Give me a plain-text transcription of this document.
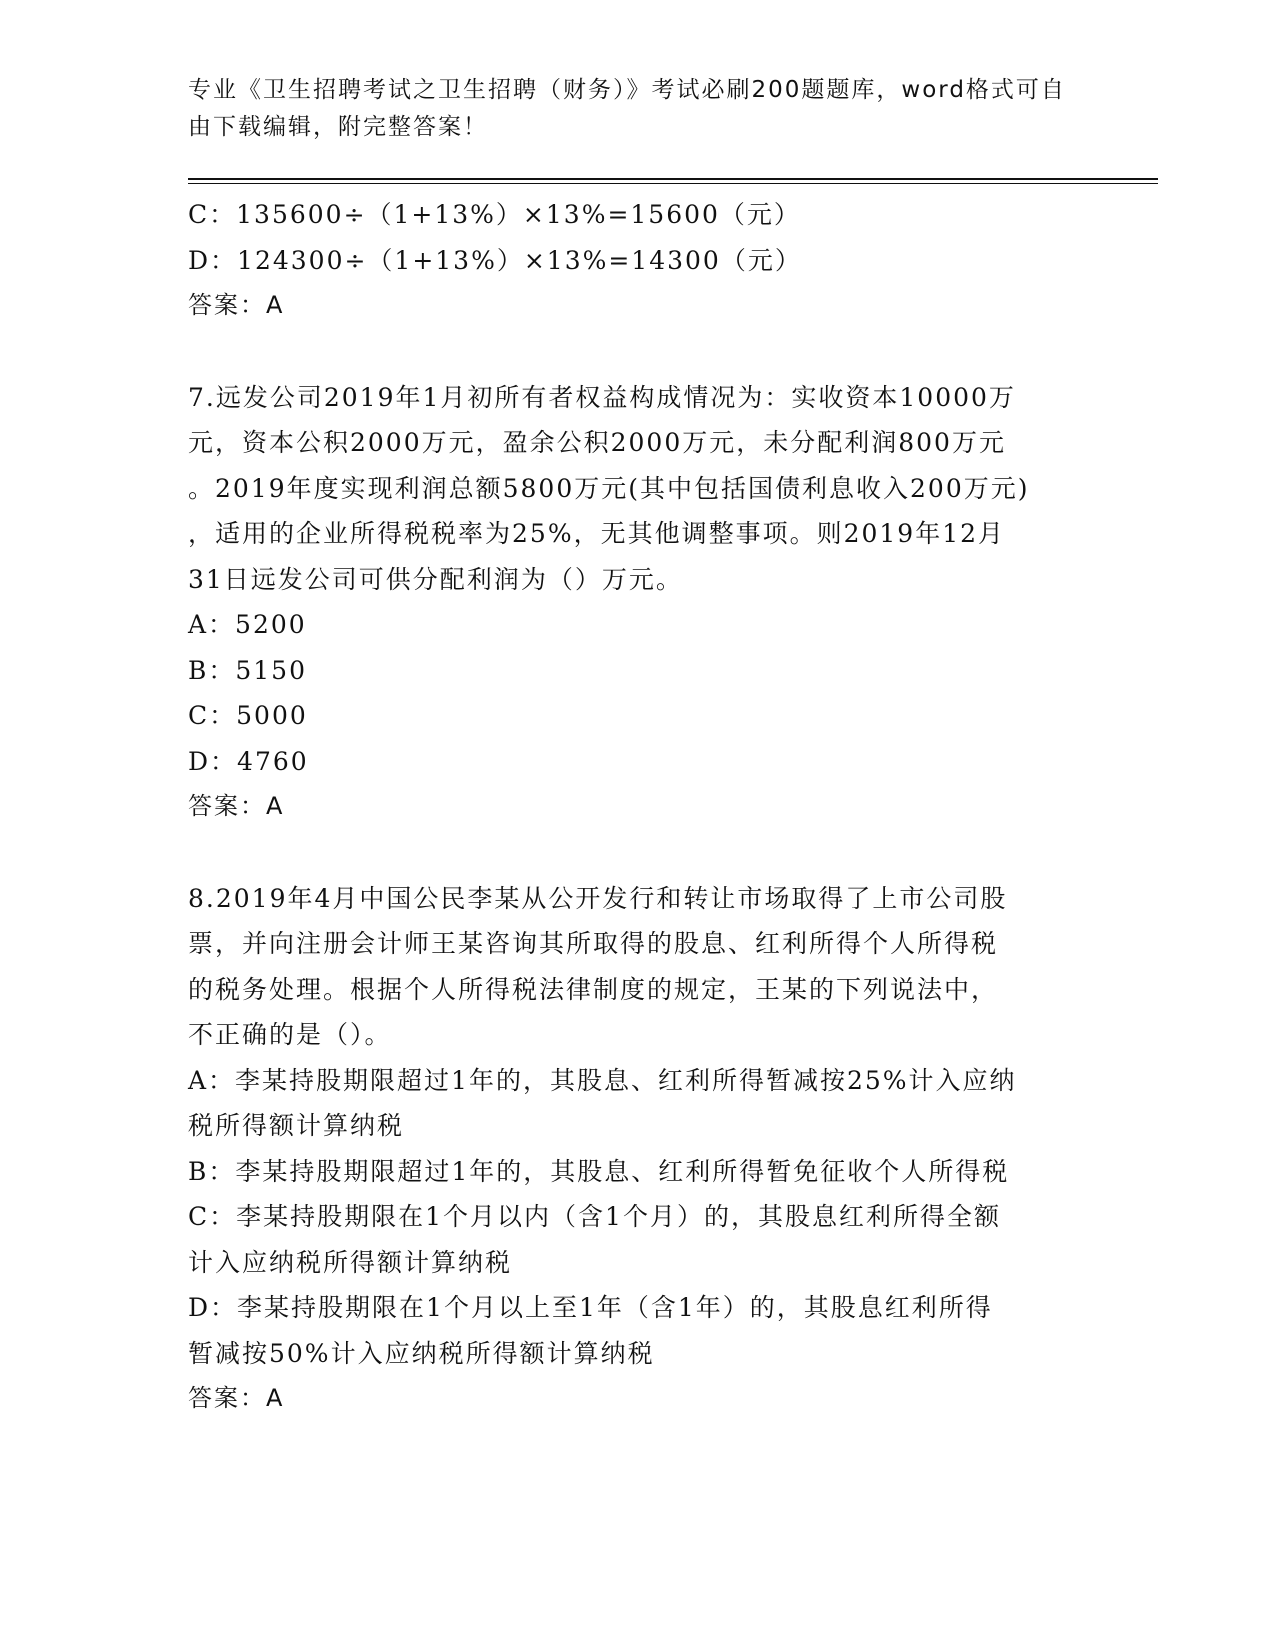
专业《卫生招聘考试之卫生招聘（财务）》考试必刷200题题库，word格式可自
由下载编辑，附完整答案！

C：135600÷（1+13%）×13%=15600（元）

D：124300÷（1+13%）×13%=14300（元）

答案：A

7.远发公司2019年1月初所有者权益构成情况为：实收资本10000万

元，资本公积2000万元，盈余公积2000万元，未分配利润800万元

。2019年度实现利润总额5800万元(其中包括国债利息收入200万元)

，适用的企业所得税税率为25%，无其他调整事项。则2019年12月

31日远发公司可供分配利润为（）万元。

A：5200

B：5150

C：5000

D：4760

答案：A

8.2019年4月中国公民李某从公开发行和转让市场取得了上市公司股

票，并向注册会计师王某咨询其所取得的股息、红利所得个人所得税

的税务处理。根据个人所得税法律制度的规定，王某的下列说法中，

不正确的是（）。

A：李某持股期限超过1年的，其股息、红利所得暂减按25%计入应纳

税所得额计算纳税

B：李某持股期限超过1年的，其股息、红利所得暂免征收个人所得税

C：李某持股期限在1个月以内（含1个月）的，其股息红利所得全额

计入应纳税所得额计算纳税

D：李某持股期限在1个月以上至1年（含1年）的，其股息红利所得

暂减按50%计入应纳税所得额计算纳税

答案：A
